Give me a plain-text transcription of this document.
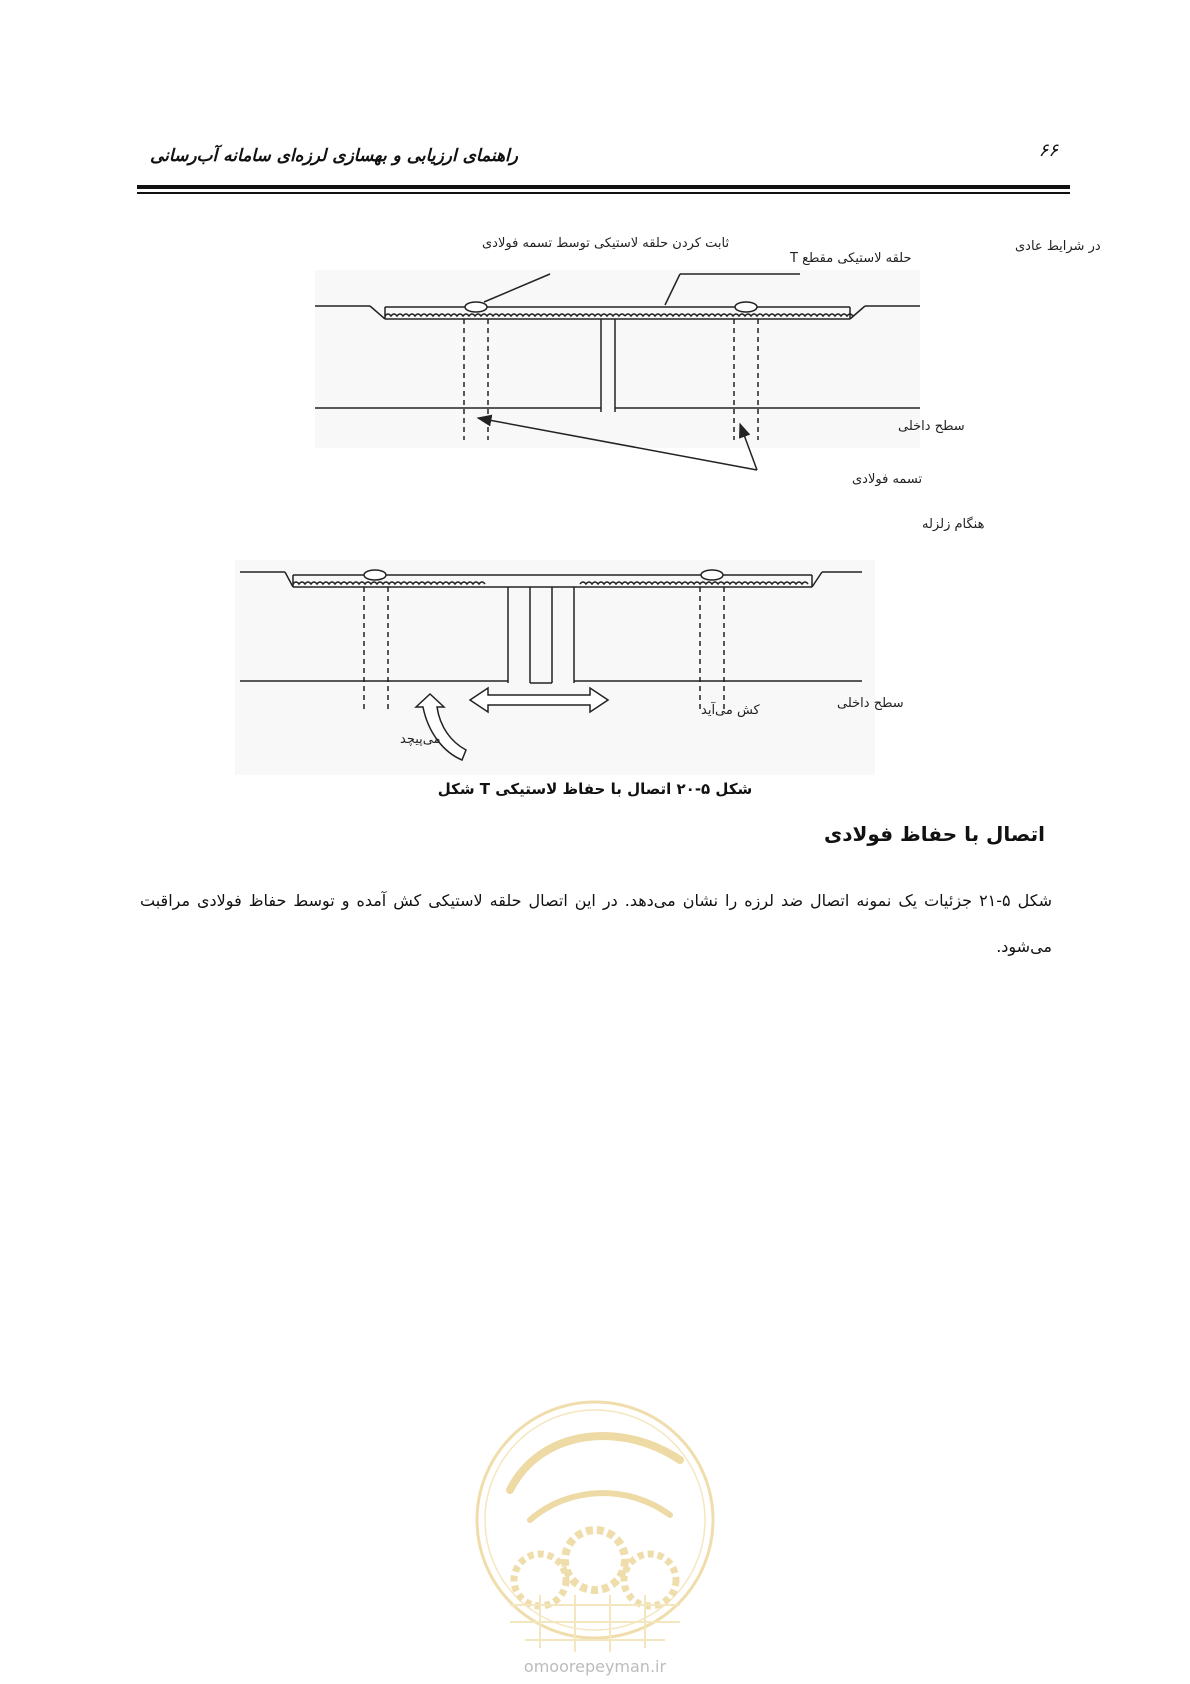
راهنمای ارزیابی و بهسازی لرزه‌ای سامانه آب‌رسانی	۶۶
در شرایط عادی
ثابت کردن حلقه لاستیکی توسط تسمه فولادی
حلقه لاستیکی مقطع T
سطح داخلی
تسمه فولادی
هنگام زلزله
کش می‌آید	سطح داخلی
می‌پیچد
شکل ۵-۲۰ اتصال با حفاظ لاستیکی T شکل
اتصال با حفاظ فولادی

شکل ۵-۲۱ جزئیات یک نمونه اتصال ضد لرزه را نشان می‌دهد. در این اتصال حلقه لاستیکی کش آمده و توسط حفاظ فولادی مراقبت می‌شود.

omoorepeyman.ir
